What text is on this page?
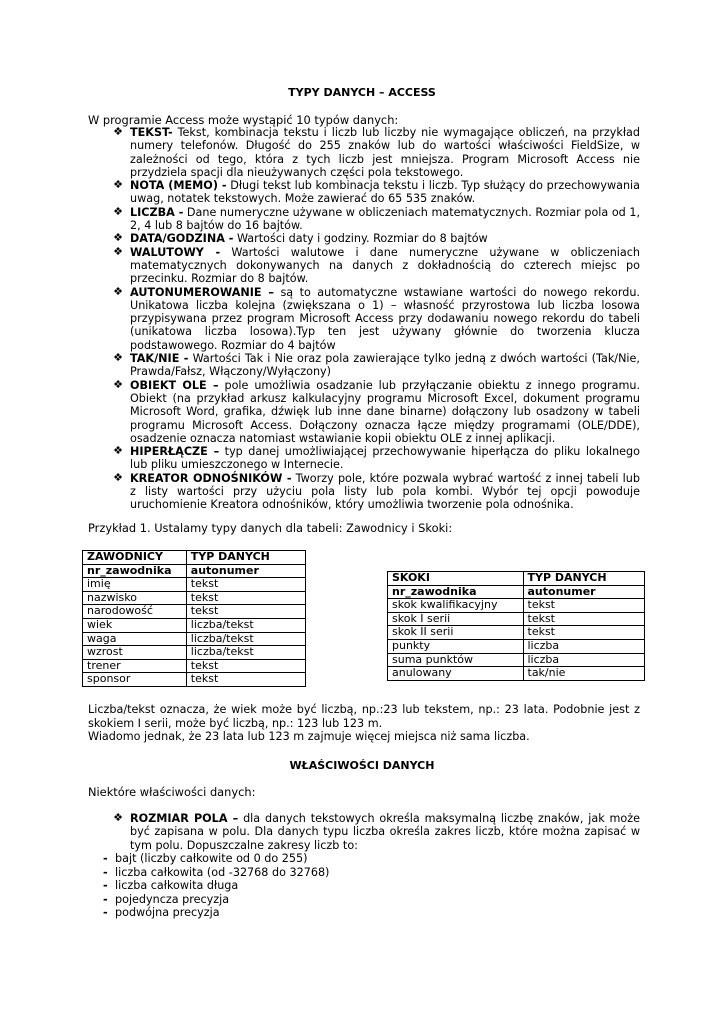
TYPY DANYCH – ACCESS
W programie Access może wystąpić 10 typów danych:

❖ TEKST- Tekst, kombinacja tekstu i liczb lub liczby nie wymagające obliczeń, na przykład numery telefonów. Długość do 255 znaków lub do wartości właściwości FieldSize, w zależności od tego, która z tych liczb jest mniejsza. Program Microsoft Access nie przydziela spacji dla nieużywanych części pola tekstowego.

❖ NOTA (MEMO) - Długi tekst lub kombinacja tekstu i liczb. Typ służący do przechowywania uwag, notatek tekstowych. Może zawierać do 65 535 znaków.

❖ LICZBA - Dane numeryczne używane w obliczeniach matematycznych. Rozmiar pola od 1, 2, 4 lub 8 bajtów do 16 bajtów.

❖ DATA/GODZINA - Wartości daty i godziny. Rozmiar do 8 bajtów

❖ WALUTOWY - Wartości walutowe i dane numeryczne używane w obliczeniach matematycznych dokonywanych na danych z dokładnością do czterech miejsc po przecinku. Rozmiar do 8 bajtów.

❖ AUTONUMEROWANIE – są to automatyczne wstawiane wartości do nowego rekordu. Unikatowa liczba kolejna (zwiększana o 1) – własność przyrostowa lub liczba losowa przypisywana przez program Microsoft Access przy dodawaniu nowego rekordu do tabeli (unikatowa liczba losowa).Typ ten jest używany głównie do tworzenia klucza podstawowego. Rozmiar do 4 bajtów

❖ TAK/NIE - Wartości Tak i Nie oraz pola zawierające tylko jedną z dwóch wartości (Tak/Nie, Prawda/Fałsz, Włączony/Wyłączony)

❖ OBIEKT OLE – pole umożliwia osadzanie lub przyłączanie obiektu z innego programu. Obiekt (na przykład arkusz kalkulacyjny programu Microsoft Excel, dokument programu Microsoft Word, grafika, dźwięk lub inne dane binarne) dołączony lub osadzony w tabeli programu Microsoft Access. Dołączony oznacza łącze między programami (OLE/DDE), osadzenie oznacza natomiast wstawianie kopii obiektu OLE z innej aplikacji.

❖ HIPERŁĄCZE – typ danej umożliwiającej przechowywanie hiperłącza do pliku lokalnego lub pliku umieszczonego w Internecie.

❖ KREATOR ODNOŚNIKÓW - Tworzy pole, które pozwala wybrać wartość z innej tabeli lub z listy wartości przy użyciu pola listy lub pola kombi. Wybór tej opcji powoduje uruchomienie Kreatora odnośników, który umożliwia tworzenie pola odnośnika.

Przykład 1. Ustalamy typy danych dla tabeli: Zawodnicy i Skoki:
ZAWODNICY	TYP DANYCH
nr_zawodnika	autonumer
imię	tekst
nazwisko	tekst
narodowość	tekst
wiek	liczba/tekst
waga	liczba/tekst
wzrost	liczba/tekst
trener	tekst
sponsor	tekst
SKOKI	TYP DANYCH
nr_zawodnika	autonumer
skok kwalifikacyjny	tekst
skok I serii	tekst
skok II serii	tekst
punkty	liczba
suma punktów	liczba
anulowany	tak/nie
Liczba/tekst oznacza, że wiek może być liczbą, np.:23 lub tekstem, np.: 23 lata. Podobnie jest z skokiem I serii, może być liczbą, np.: 123 lub 123 m.
Wiadomo jednak, że 23 lata lub 123 m zajmuje więcej miejsca niż sama liczba.
WŁAŚCIWOŚCI DANYCH
Niektóre właściwości danych:

❖ ROZMIAR POLA – dla danych tekstowych określa maksymalną liczbę znaków, jak może być zapisana w polu. Dla danych typu liczba określa zakres liczb, które można zapisać w tym polu. Dopuszczalne zakresy liczb to:

- bajt (liczby całkowite od 0 do 255)
- liczba całkowita (od -32768 do 32768)
- liczba całkowita długa
- pojedyncza precyzja
- podwójna precyzja
